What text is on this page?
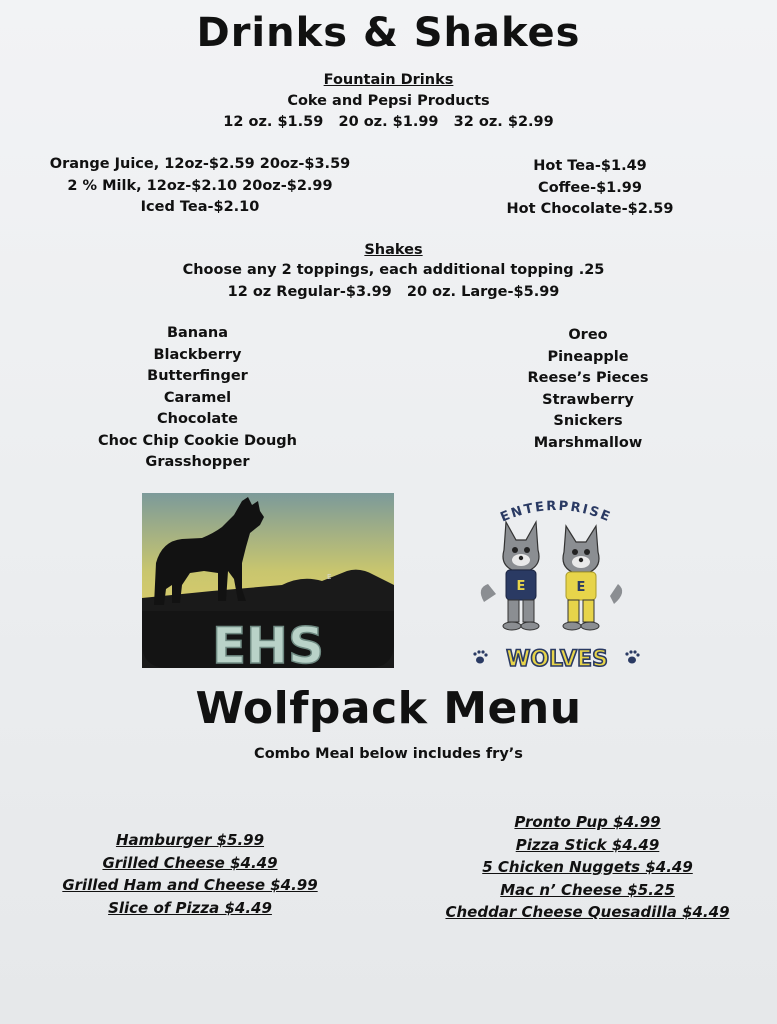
Drinks & Shakes
Fountain Drinks
Coke and Pepsi Products
12 oz. $1.59   20 oz. $1.99   32 oz. $2.99
Orange Juice, 12oz-$2.59 20oz-$3.59
2 % Milk, 12oz-$2.10 20oz-$2.99
Iced Tea-$2.10
Hot Tea-$1.49
Coffee-$1.99
Hot Chocolate-$2.59
Shakes
Choose any 2 toppings, each additional topping .25
12 oz Regular-$3.99   20 oz. Large-$5.99
Banana
Blackberry
Butterfinger
Caramel
Chocolate
Choc Chip Cookie Dough
Grasshopper
Oreo
Pineapple
Reese’s Pieces
Strawberry
Snickers
Marshmallow
E
EHS
ENTERPRISE
E	E
WOLVES
Wolfpack Menu
Combo Meal below includes fry’s
Hamburger $5.99
Grilled Cheese $4.49
Grilled Ham and Cheese $4.99
Slice of Pizza $4.49
Pronto Pup $4.99
Pizza Stick $4.49
5 Chicken Nuggets $4.49
Mac n’ Cheese $5.25
Cheddar Cheese Quesadilla $4.49
